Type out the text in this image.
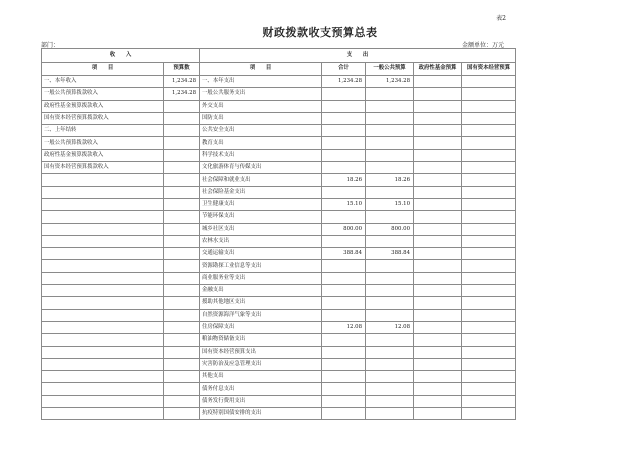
表2
财政拨款收支预算总表
部门：	金额单位：万元
收　　入		支　　出				
项　　目	预算数	项　　目	合计	一般公共预算	政府性基金预算	国有资本经营预算
一、本年收入	1,234.28	一、本年支出	1,234.28	1,234.28		
一般公共预算拨款收入	1,234.28	一般公共服务支出				
政府性基金预算拨款收入		外交支出				
国有资本经营预算拨款收入		国防支出				
二、上年结转		公共安全支出				
一般公共预算拨款收入		教育支出				
政府性基金预算拨款收入		科学技术支出				
国有资本经营预算拨款收入		文化旅游体育与传媒支出				
		社会保障和就业支出	18.26	18.26		
		社会保险基金支出				
		卫生健康支出	15.10	15.10		
		节能环保支出				
		城乡社区支出	800.00	800.00		
		农林水支出				
		交通运输支出	388.84	388.84		
		资源勘探工业信息等支出				
		商业服务业等支出				
		金融支出				
		援助其他地区支出				
		自然资源海洋气象等支出				
		住房保障支出	12.08	12.08		
		粮油物资储备支出				
		国有资本经营预算支出				
		灾害防治及应急管理支出				
		其他支出				
		债务付息支出				
		债务发行费用支出				
		抗疫特别国债安排的支出				
